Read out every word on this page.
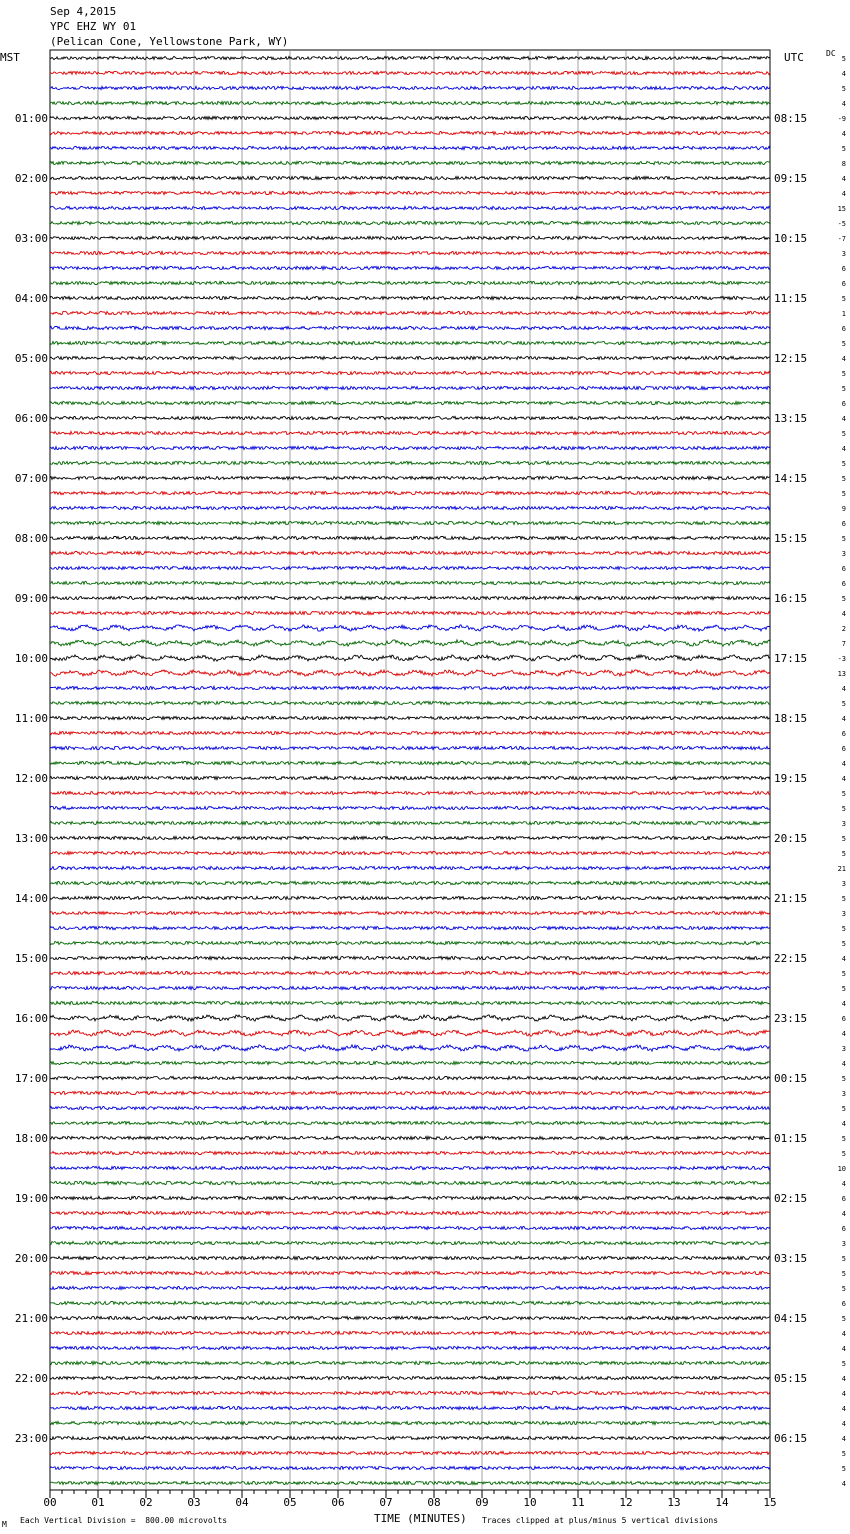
Sep 4,2015
YPC EHZ WY 01
(Pelican Cone, Yellowstone Park, WY)
MST	UTC	DC
5
4
5
4
-9
4
5
8
4
4
15
-5
-7
3
6
6
5
1
6
5
4
5
5
6
4
5
4
5
5
5
9
6
5
3
6
6
5
4
2
7
-3
13
4
5
4
6
6
4
4
5
5
3
5
5
21
3
5
3
5
5
4
5
5
4
6
4
3
4
5
3
5
4
5
5
10
4
6
4
6
3
5
5
5
6
5
4
4
5
4
4
4
4
4
5
5
4
01:00
02:00
03:00
04:00
05:00
06:00
07:00
08:00
09:00
10:00
11:00
12:00
13:00
14:00
15:00
16:00
17:00
18:00
19:00
20:00
21:00
22:00
23:00
08:15
09:15
10:15
11:15
12:15
13:15
14:15
15:15
16:15
17:15
18:15
19:15
20:15
21:15
22:15
23:15
00:15
01:15
02:15
03:15
04:15
05:15
06:15
00	01	02	03	04	05	06	07	08	09	10	11	12	13	14	15
TIME (MINUTES)
M Each Vertical Division =  800.00 microvolts	Traces clipped at plus/minus 5 vertical divisions
